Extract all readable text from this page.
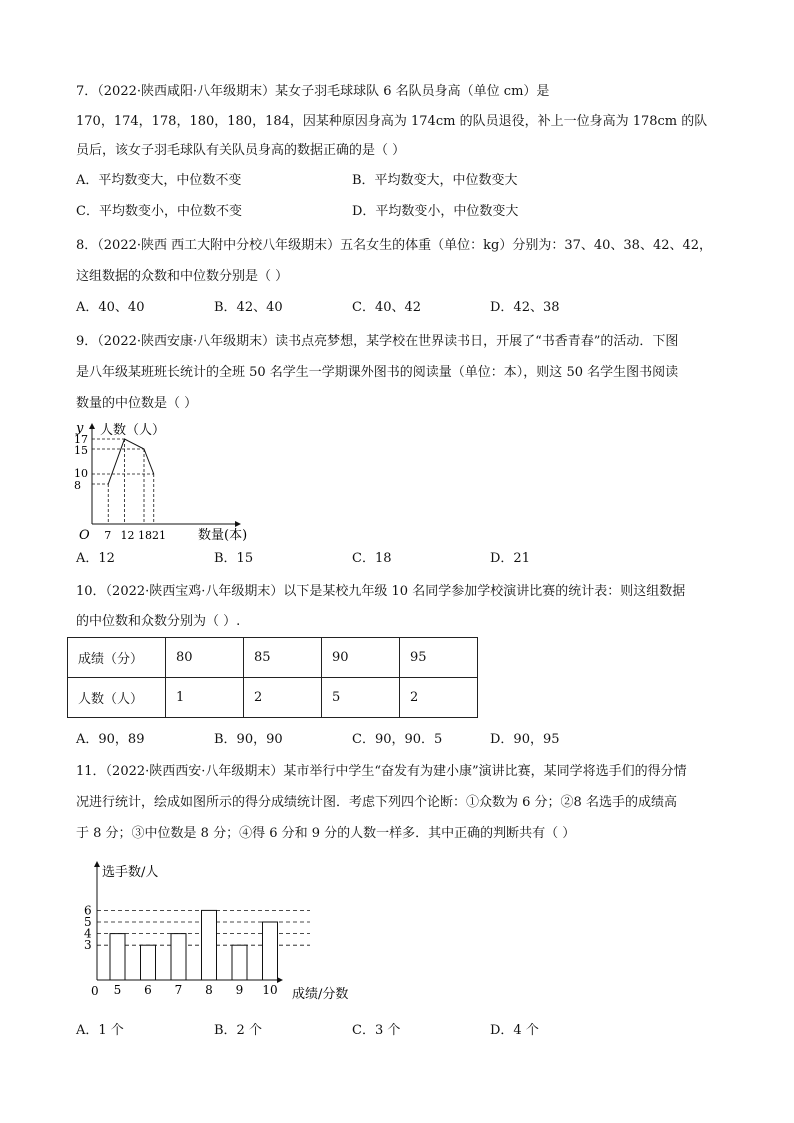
7．（2022·陕西咸阳·八年级期末）某女子羽毛球球队 6 名队员身高（单位 cm）是
170，174，178，180，180，184，因某种原因身高为 174cm 的队员退役，补上一位身高为 178cm 的队
员后，该女子羽毛球队有关队员身高的数据正确的是（ ）
A．平均数变大，中位数不变	B．平均数变大，中位数变大
C．平均数变小，中位数不变	D．平均数变小，中位数变大
8．（2022·陕西 西工大附中分校八年级期末）五名女生的体重（单位：kg）分别为：37、40、38、42、42，
这组数据的众数和中位数分别是（ ）
A．40、40	B．42、40	C．40、42	D．42、38
9．（2022·陕西安康·八年级期末）读书点亮梦想，某学校在世界读书日，开展了“书香青春”的活动．下图
是八年级某班班长统计的全班 50 名学生一学期课外图书的阅读量（单位：本），则这 50 名学生图书阅读
数量的中位数是（ ）
y 人数（人）
O	数量(本)
17
15
10
8
7 12 1821
A．12	B．15	C．18	D．21
10．（2022·陕西宝鸡·八年级期末）以下是某校九年级 10 名同学参加学校演讲比赛的统计表：则这组数据
的中位数和众数分别为（ ）.
成绩（分）	80	85	90	95
人数（人）	1	2	5	2
A．90，89	B．90，90	C．90，90．5	D．90，95
11．（2022·陕西西安·八年级期末）某市举行中学生“奋发有为建小康”演讲比赛，某同学将选手们的得分情
况进行统计，绘成如图所示的得分成绩统计图．考虑下列四个论断：①众数为 6 分；②8 名选手的成绩高
于 8 分；③中位数是 8 分；④得 6 分和 9 分的人数一样多．其中正确的判断共有（ ）
选手数/人
0	成绩/分数
6
5
4
3
5 6 7 8 9 10
A．1 个	B．2 个	C．3 个	D．4 个
